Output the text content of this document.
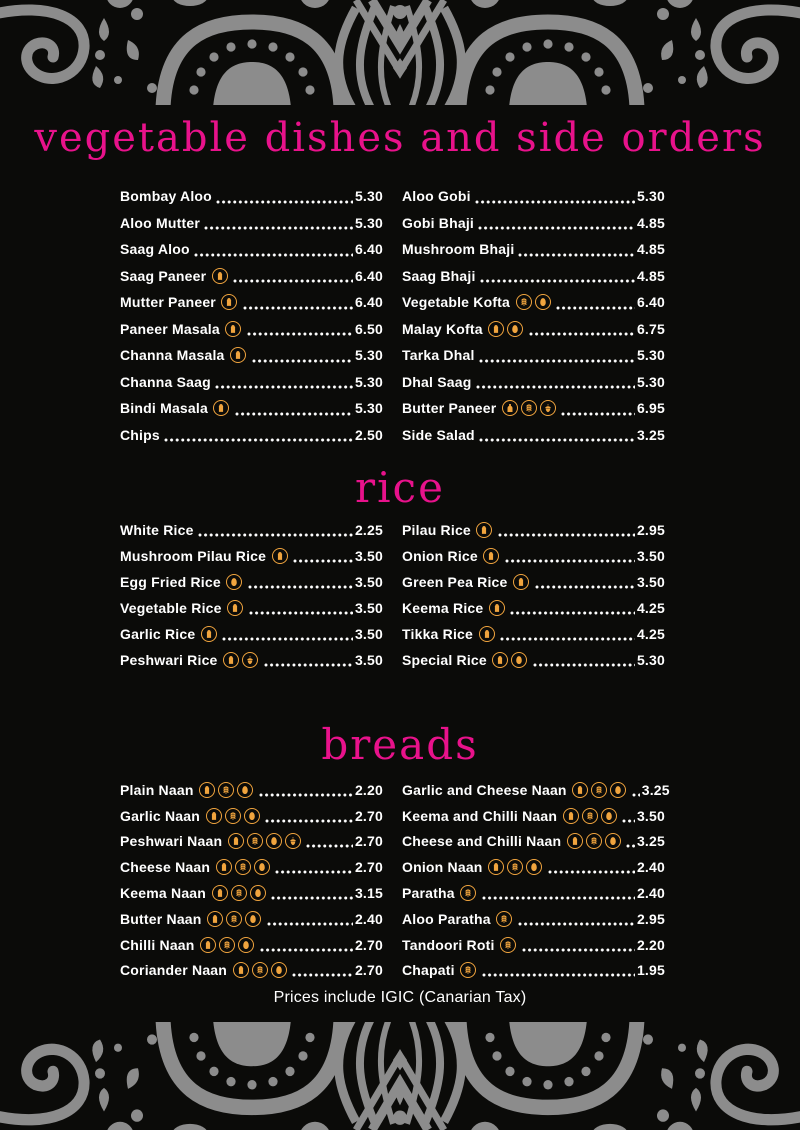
vegetable dishes and side orders
Bombay Aloo	5.30
Aloo Mutter	5.30
Saag Aloo	6.40
Saag Paneer	6.40
Mutter Paneer	6.40
Paneer Masala	6.50
Channa Masala	5.30
Channa Saag	5.30
Bindi Masala	5.30
Chips	2.50
Aloo Gobi	5.30
Gobi Bhaji	4.85
Mushroom Bhaji	4.85
Saag Bhaji	4.85
Vegetable Kofta	6.40
Malay Kofta	6.75
Tarka Dhal	5.30
Dhal Saag	5.30
Butter Paneer	6.95
Side Salad	3.25
rice
White Rice	2.25
Mushroom Pilau Rice	3.50
Egg Fried Rice	3.50
Vegetable Rice	3.50
Garlic Rice	3.50
Peshwari Rice	3.50
Pilau Rice	2.95
Onion Rice	3.50
Green Pea Rice	3.50
Keema Rice	4.25
Tikka Rice	4.25
Special Rice	5.30
breads
Plain Naan	2.20
Garlic Naan	2.70
Peshwari Naan	2.70
Cheese Naan	2.70
Keema Naan	3.15
Butter Naan	2.40
Chilli Naan	2.70
Coriander Naan	2.70
Garlic and Cheese Naan	3.25
Keema and Chilli Naan	3.50
Cheese and Chilli Naan	3.25
Onion Naan	2.40
Paratha	2.40
Aloo Paratha	2.95
Tandoori Roti	2.20
Chapati	1.95
Prices include IGIC (Canarian Tax)
